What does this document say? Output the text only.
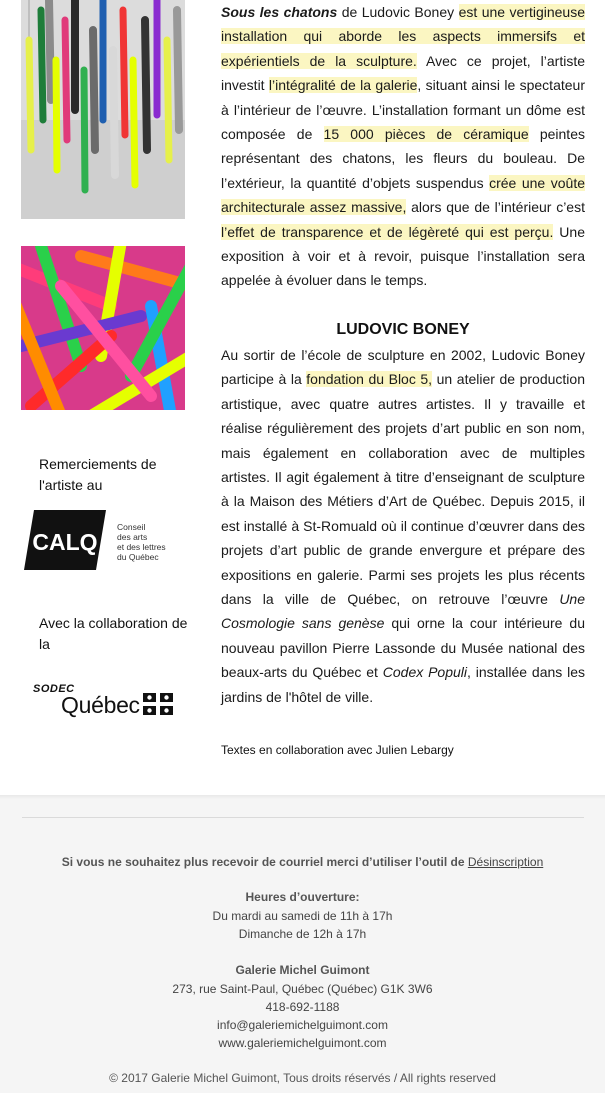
Remerciements de l'artiste au
CALQ
Conseil
des arts
et des lettres
du Québec
Avec la collaboration de la
SODEC
Québec

Sous les chatons de Ludovic Boney est une vertigineuse installation qui aborde les aspects immersifs et expérientiels de la sculpture. Avec ce projet, l’artiste investit l’intégralité de la galerie, situant ainsi le spectateur à l’intérieur de l’œuvre. L’installation formant un dôme est composée de 15 000 pièces de céramique peintes représentant des chatons, les fleurs du bouleau. De l’extérieur, la quantité d’objets suspendus crée une voûte architecturale assez massive, alors que de l’intérieur c’est l’effet de transparence et de légèreté qui est perçu. Une exposition à voir et à revoir, puisque l’installation sera appelée à évoluer dans le temps.

LUDOVIC BONEY

Au sortir de l’école de sculpture en 2002, Ludovic Boney participe à la fondation du Bloc 5, un atelier de production artistique, avec quatre autres artistes. Il y travaille et réalise régulièrement des projets d’art public en son nom, mais également en collaboration avec de multiples artistes. Il agit également à titre d’enseignant de sculpture à la Maison des Métiers d’Art de Québec. Depuis 2015, il est installé à St-Romuald où il continue d’œuvrer dans des projets d’art public de grande envergure et prépare des expositions en galerie. Parmi ses projets les plus récents dans la ville de Québec, on retrouve l’œuvre Une Cosmologie sans genèse qui orne la cour intérieure du nouveau pavillon Pierre Lassonde du Musée national des beaux-arts du Québec et Codex Populi, installée dans les jardins de l'hôtel de ville.

Textes en collaboration avec Julien Lebargy
Si vous ne souhaitez plus recevoir de courriel merci d’utiliser l’outil de Désinscription
Heures d’ouverture:
Du mardi au samedi de 11h à 17h
Dimanche de 12h à 17h
Galerie Michel Guimont
273, rue Saint-Paul, Québec (Québec) G1K 3W6
418-692-1188
info@galeriemichelguimont.com
www.galeriemichelguimont.com
© 2017 Galerie Michel Guimont, Tous droits réservés / All rights reserved
